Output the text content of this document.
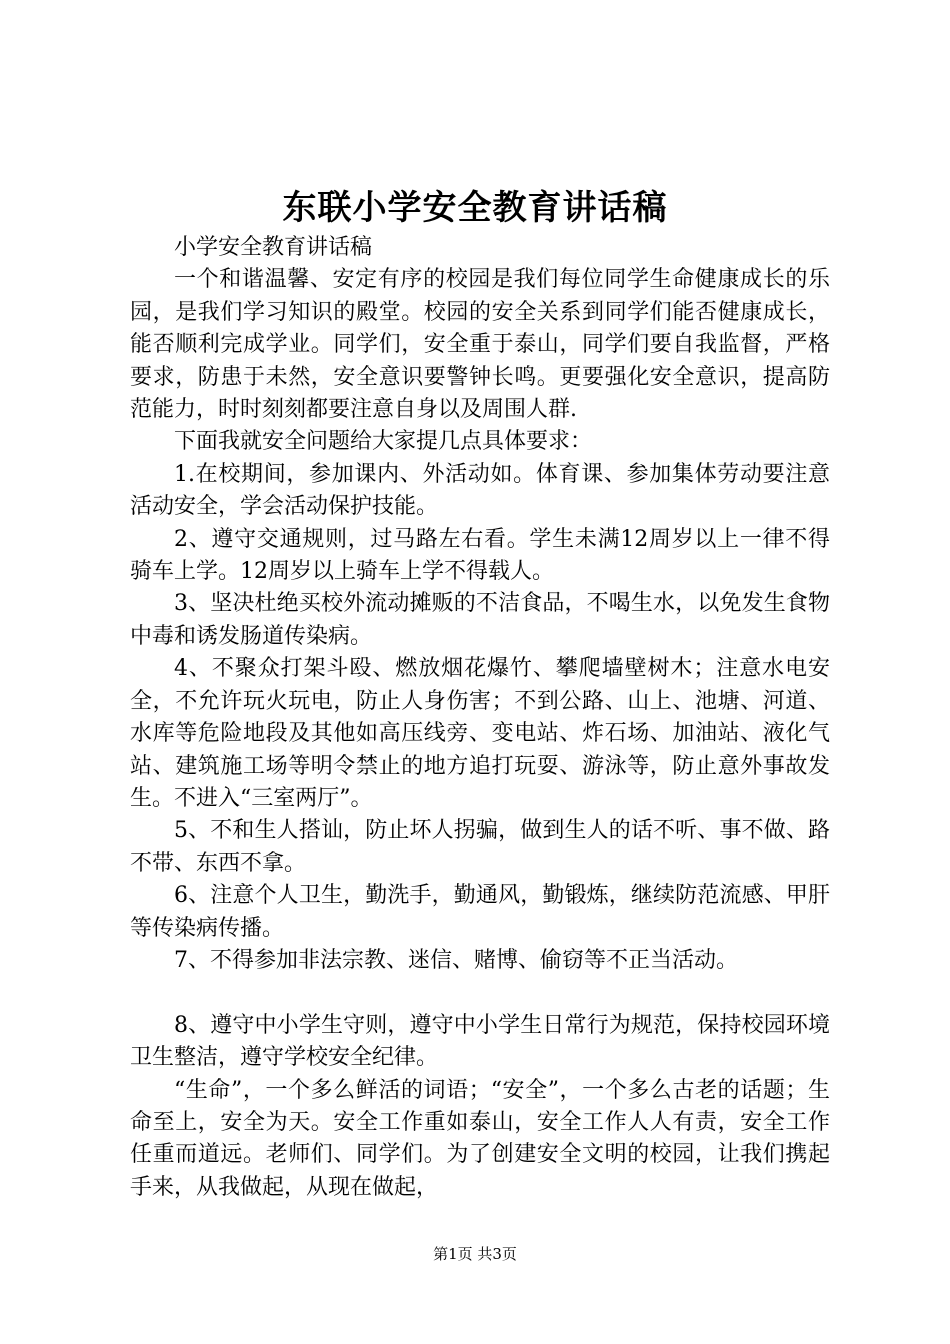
东联小学安全教育讲话稿

小学安全教育讲话稿

一个和谐温馨、安定有序的校园是我们每位同学生命健康成长的乐园，是我们学习知识的殿堂。校园的安全关系到同学们能否健康成长，能否顺利完成学业。同学们，安全重于泰山，同学们要自我监督，严格要求，防患于未然，安全意识要警钟长鸣。更要强化安全意识，提高防范能力，时时刻刻都要注意自身以及周围人群.

下面我就安全问题给大家提几点具体要求：

1.在校期间，参加课内、外活动如。体育课、参加集体劳动要注意活动安全，学会活动保护技能。

2、遵守交通规则，过马路左右看。学生未满12周岁以上一律不得骑车上学。12周岁以上骑车上学不得载人。

3、坚决杜绝买校外流动摊贩的不洁食品，不喝生水，以免发生食物中毒和诱发肠道传染病。

4、不聚众打架斗殴、燃放烟花爆竹、攀爬墙壁树木；注意水电安全，不允许玩火玩电，防止人身伤害；不到公路、山上、池塘、河道、水库等危险地段及其他如高压线旁、变电站、炸石场、加油站、液化气站、建筑施工场等明令禁止的地方追打玩耍、游泳等，防止意外事故发生。不进入“三室两厅”。

5、不和生人搭讪，防止坏人拐骗，做到生人的话不听、事不做、路不带、东西不拿。

6、注意个人卫生，勤洗手，勤通风，勤锻炼，继续防范流感、甲肝等传染病传播。

7、不得参加非法宗教、迷信、赌博、偷窃等不正当活动。

8、遵守中小学生守则，遵守中小学生日常行为规范，保持校园环境卫生整洁，遵守学校安全纪律。

“生命”，一个多么鲜活的词语；“安全”，一个多么古老的话题；生命至上，安全为天。安全工作重如泰山，安全工作人人有责，安全工作任重而道远。老师们、同学们。为了创建安全文明的校园，让我们携起手来，从我做起，从现在做起，

第1页 共3页
